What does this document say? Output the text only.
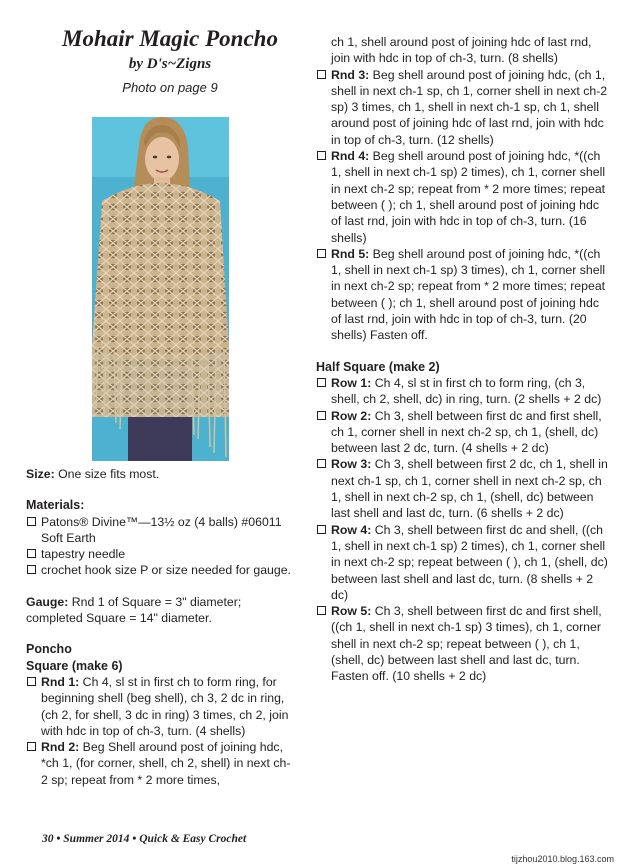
Mohair Magic Poncho
by D's~Zigns
Photo on page 9

Size: One size fits most.

Materials:

Patons® Divine™—13½ oz (4 balls) #06011 Soft Earth

tapestry needle

crochet hook size P or size needed for gauge.

Gauge: Rnd 1 of Square = 3" diameter; completed Square = 14" diameter.

Poncho

Square (make 6)

Rnd 1: Ch 4, sl st in first ch to form ring, for beginning shell (beg shell), ch 3, 2 dc in ring, (ch 2, for shell, 3 dc in ring) 3 times, ch 2, join with hdc in top of ch-3, turn. (4 shells)

Rnd 2: Beg Shell around post of joining hdc, *ch 1, (for corner, shell, ch 2, shell) in next ch-2 sp; repeat from * 2 more times,

ch 1, shell around post of joining hdc of last rnd, join with hdc in top of ch-3, turn. (8 shells)

Rnd 3: Beg shell around post of joining hdc, (ch 1, shell in next ch-1 sp, ch 1, corner shell in next ch-2 sp) 3 times, ch 1, shell in next ch-1 sp, ch 1, shell around post of joining hdc of last rnd, join with hdc in top of ch-3, turn. (12 shells)

Rnd 4: Beg shell around post of joining hdc, *((ch 1, shell in next ch-1 sp) 2 times), ch 1, corner shell in next ch-2 sp; repeat from * 2 more times; repeat between ( ); ch 1, shell around post of joining hdc of last rnd, join with hdc in top of ch-3, turn. (16 shells)

Rnd 5: Beg shell around post of joining hdc, *((ch 1, shell in next ch-1 sp) 3 times), ch 1, corner shell in next ch-2 sp; repeat from * 2 more times; repeat between ( ); ch 1, shell around post of joining hdc of last rnd, join with hdc in top of ch-3, turn. (20 shells) Fasten off.

Half Square (make 2)

Row 1: Ch 4, sl st in first ch to form ring, (ch 3, shell, ch 2, shell, dc) in ring, turn. (2 shells + 2 dc)

Row 2: Ch 3, shell between first dc and first shell, ch 1, corner shell in next ch-2 sp, ch 1, (shell, dc) between last 2 dc, turn. (4 shells + 2 dc)

Row 3: Ch 3, shell between first 2 dc, ch 1, shell in next ch-1 sp, ch 1, corner shell in next ch-2 sp, ch 1, shell in next ch-2 sp, ch 1, (shell, dc) between last shell and last dc, turn. (6 shells + 2 dc)

Row 4: Ch 3, shell between first dc and shell, ((ch 1, shell in next ch-1 sp) 2 times), ch 1, corner shell in next ch-2 sp; repeat between ( ), ch 1, (shell, dc) between last shell and last dc, turn. (8 shells + 2 dc)

Row 5: Ch 3, shell between first dc and first shell, ((ch 1, shell in next ch-1 sp) 3 times), ch 1, corner shell in next ch-2 sp; repeat between ( ), ch 1, (shell, dc) between last shell and last dc, turn. Fasten off. (10 shells + 2 dc)

30 • Summer 2014 • Quick & Easy Crochet
tijzhou2010.blog.163.com
